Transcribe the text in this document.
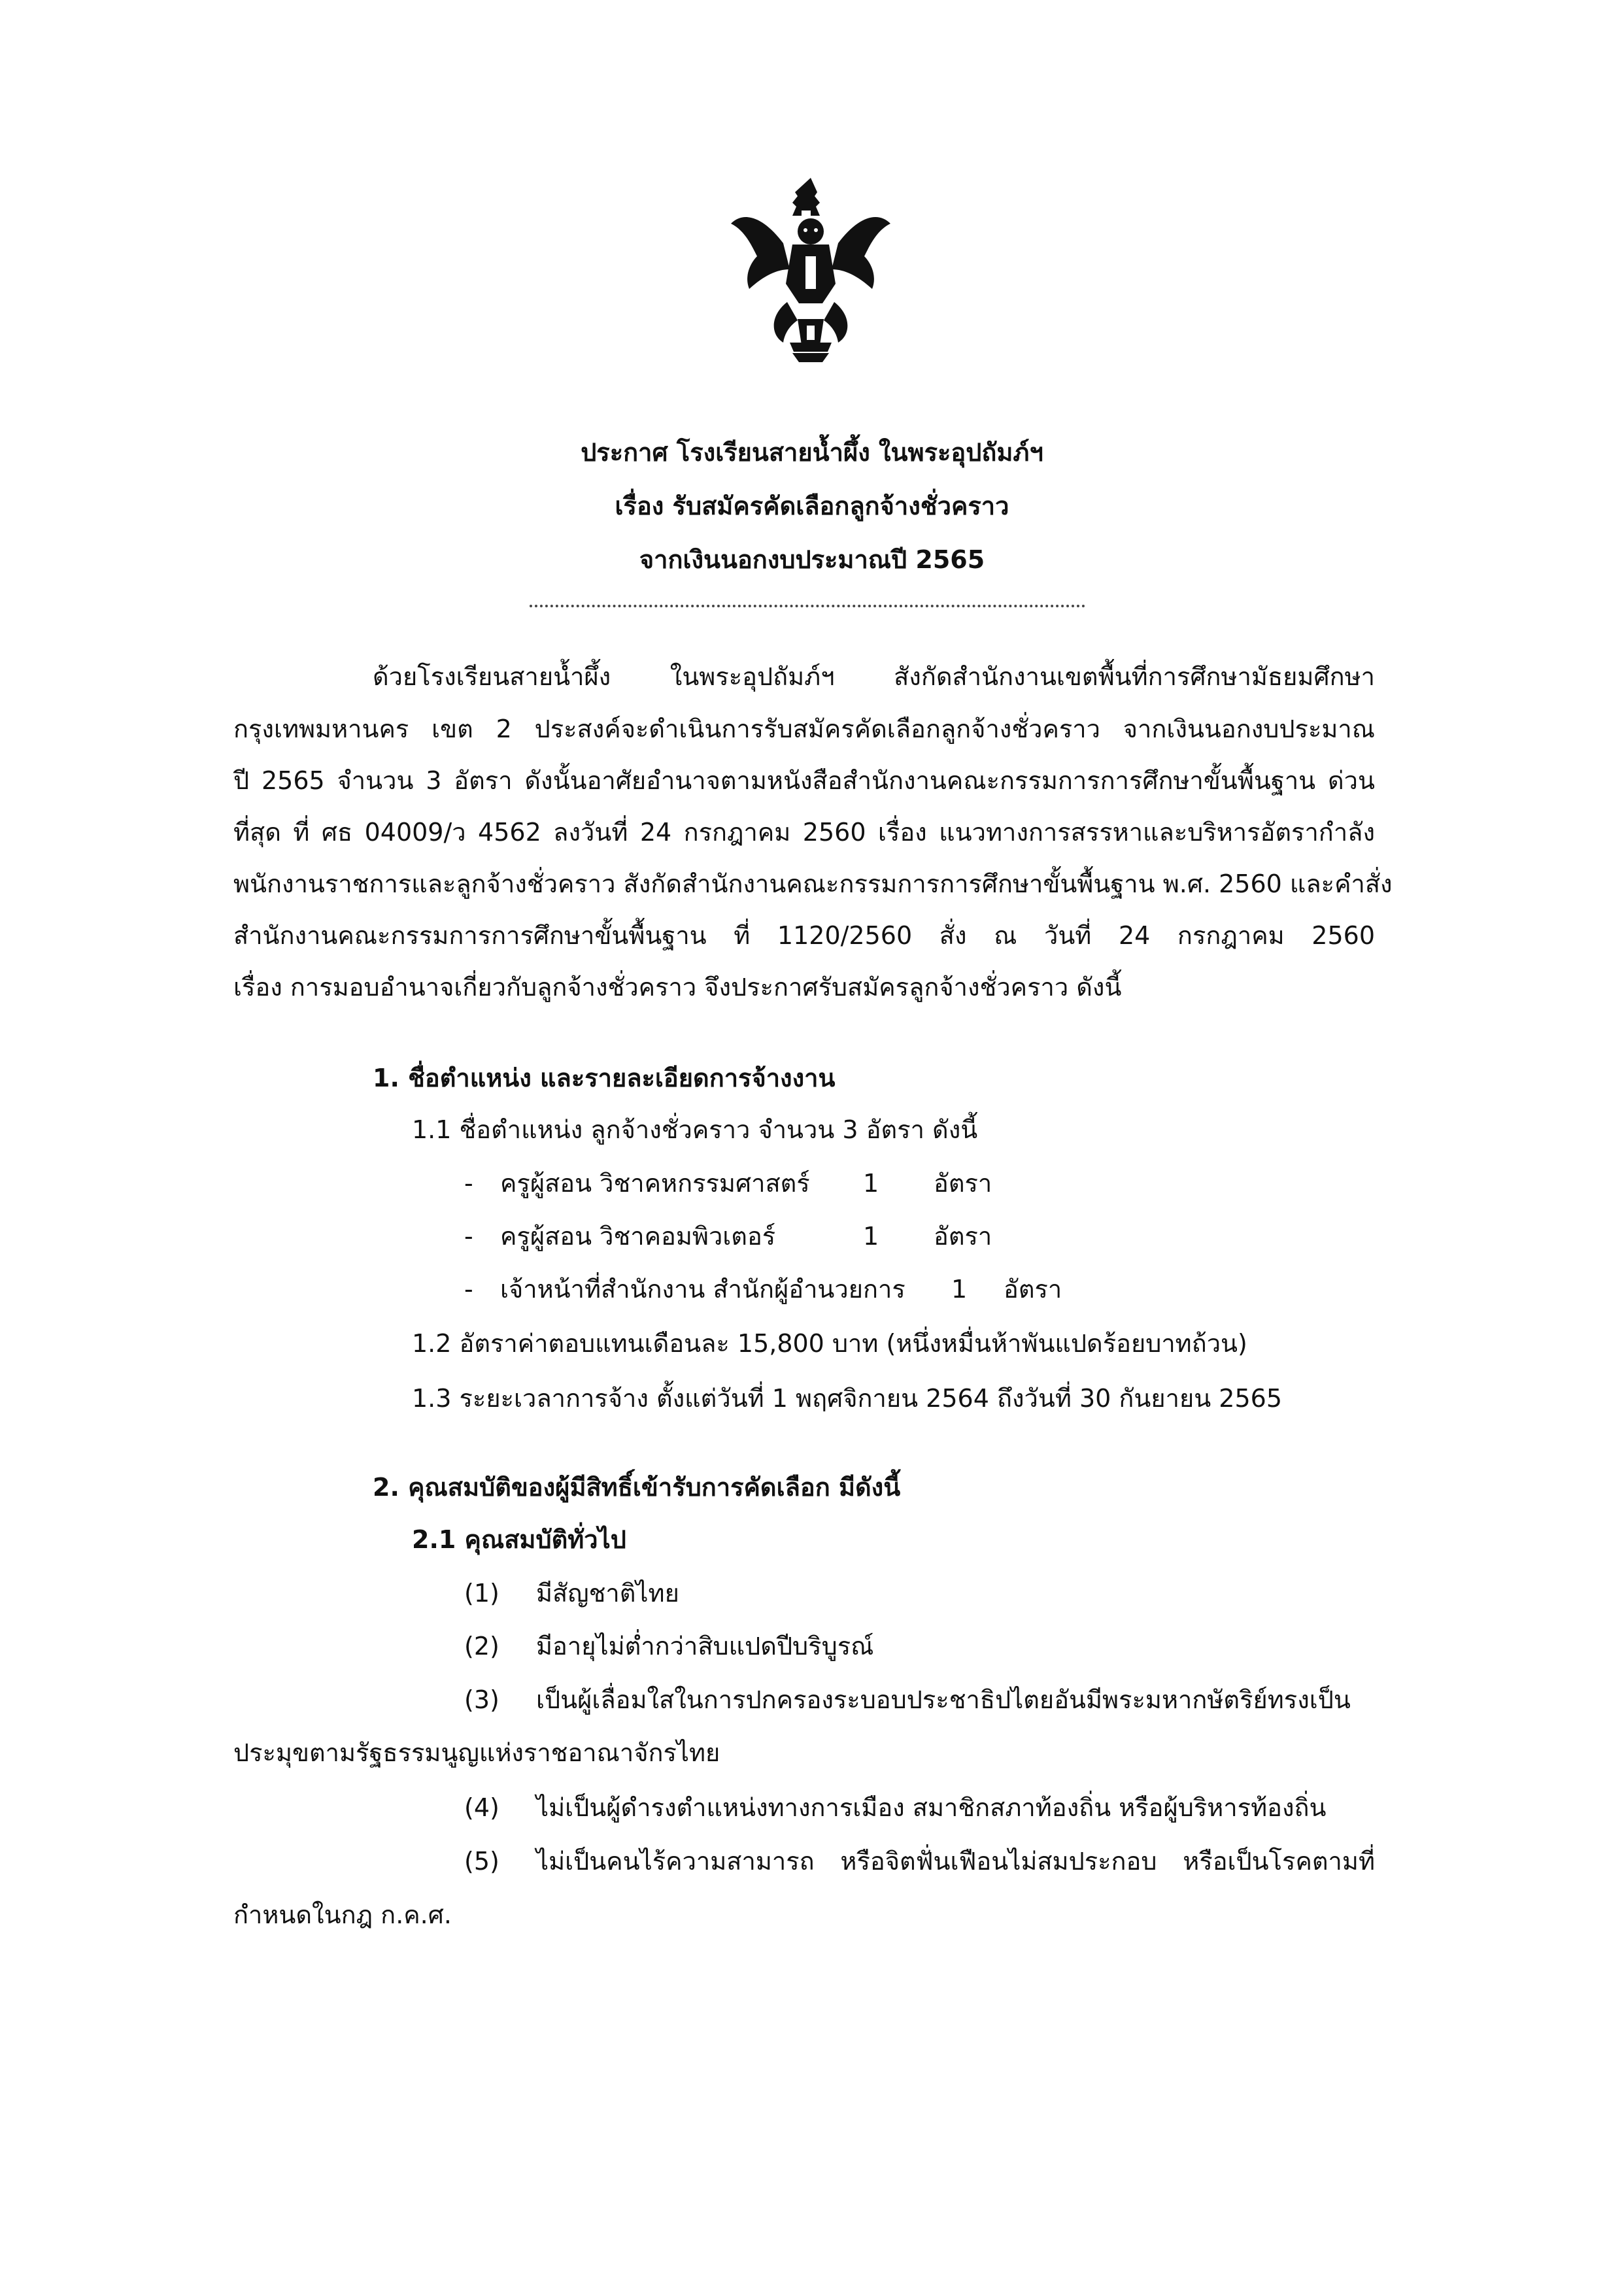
ประกาศ โรงเรียนสายน้ำผึ้ง ในพระอุปถัมภ์ฯ
เรื่อง รับสมัครคัดเลือกลูกจ้างชั่วคราว
จากเงินนอกงบประมาณปี 2565
ด้วยโรงเรียนสายน้ำผึ้ง ในพระอุปถัมภ์ฯ สังกัดสำนักงานเขตพื้นที่การศึกษามัธยมศึกษา
กรุงเทพมหานคร เขต 2 ประสงค์จะดำเนินการรับสมัครคัดเลือกลูกจ้างชั่วคราว จากเงินนอกงบประมาณ
ปี 2565 จำนวน 3 อัตรา ดังนั้นอาศัยอำนาจตามหนังสือสำนักงานคณะกรรมการการศึกษาขั้นพื้นฐาน ด่วน
ที่สุด ที่ ศธ 04009/ว 4562 ลงวันที่ 24 กรกฎาคม 2560 เรื่อง แนวทางการสรรหาและบริหารอัตรากำลัง
พนักงานราชการและลูกจ้างชั่วคราว สังกัดสำนักงานคณะกรรมการการศึกษาขั้นพื้นฐาน พ.ศ. 2560 และคำสั่ง
สำนักงานคณะกรรมการการศึกษาขั้นพื้นฐาน ที่ 1120/2560 สั่ง ณ วันที่ 24 กรกฎาคม 2560
เรื่อง การมอบอำนาจเกี่ยวกับลูกจ้างชั่วคราว จึงประกาศรับสมัครลูกจ้างชั่วคราว ดังนี้
1. ชื่อตำแหน่ง และรายละเอียดการจ้างงาน
1.1 ชื่อตำแหน่ง ลูกจ้างชั่วคราว จำนวน 3 อัตรา ดังนี้
- ครูผู้สอน วิชาคหกรรมศาสตร์ 1 อัตรา
- ครูผู้สอน วิชาคอมพิวเตอร์	1 อัตรา
- เจ้าหน้าที่สำนักงาน สำนักผู้อำนวยการ 1 อัตรา
1.2 อัตราค่าตอบแทนเดือนละ 15,800 บาท (หนึ่งหมื่นห้าพันแปดร้อยบาทถ้วน)
1.3 ระยะเวลาการจ้าง ตั้งแต่วันที่ 1 พฤศจิกายน 2564 ถึงวันที่ 30 กันยายน 2565
2. คุณสมบัติของผู้มีสิทธิ์เข้ารับการคัดเลือก มีดังนี้
2.1 คุณสมบัติทั่วไป
(1) มีสัญชาติไทย
(2) มีอายุไม่ต่ำกว่าสิบแปดปีบริบูรณ์
(3) เป็นผู้เลื่อมใสในการปกครองระบอบประชาธิปไตยอันมีพระมหากษัตริย์ทรงเป็น
ประมุขตามรัฐธรรมนูญแห่งราชอาณาจักรไทย
(4) ไม่เป็นผู้ดำรงตำแหน่งทางการเมือง สมาชิกสภาท้องถิ่น หรือผู้บริหารท้องถิ่น
(5) ไม่เป็นคนไร้ความสามารถ หรือจิตฟั่นเฟือนไม่สมประกอบ หรือเป็นโรคตามที่
กำหนดในกฎ ก.ค.ศ.
